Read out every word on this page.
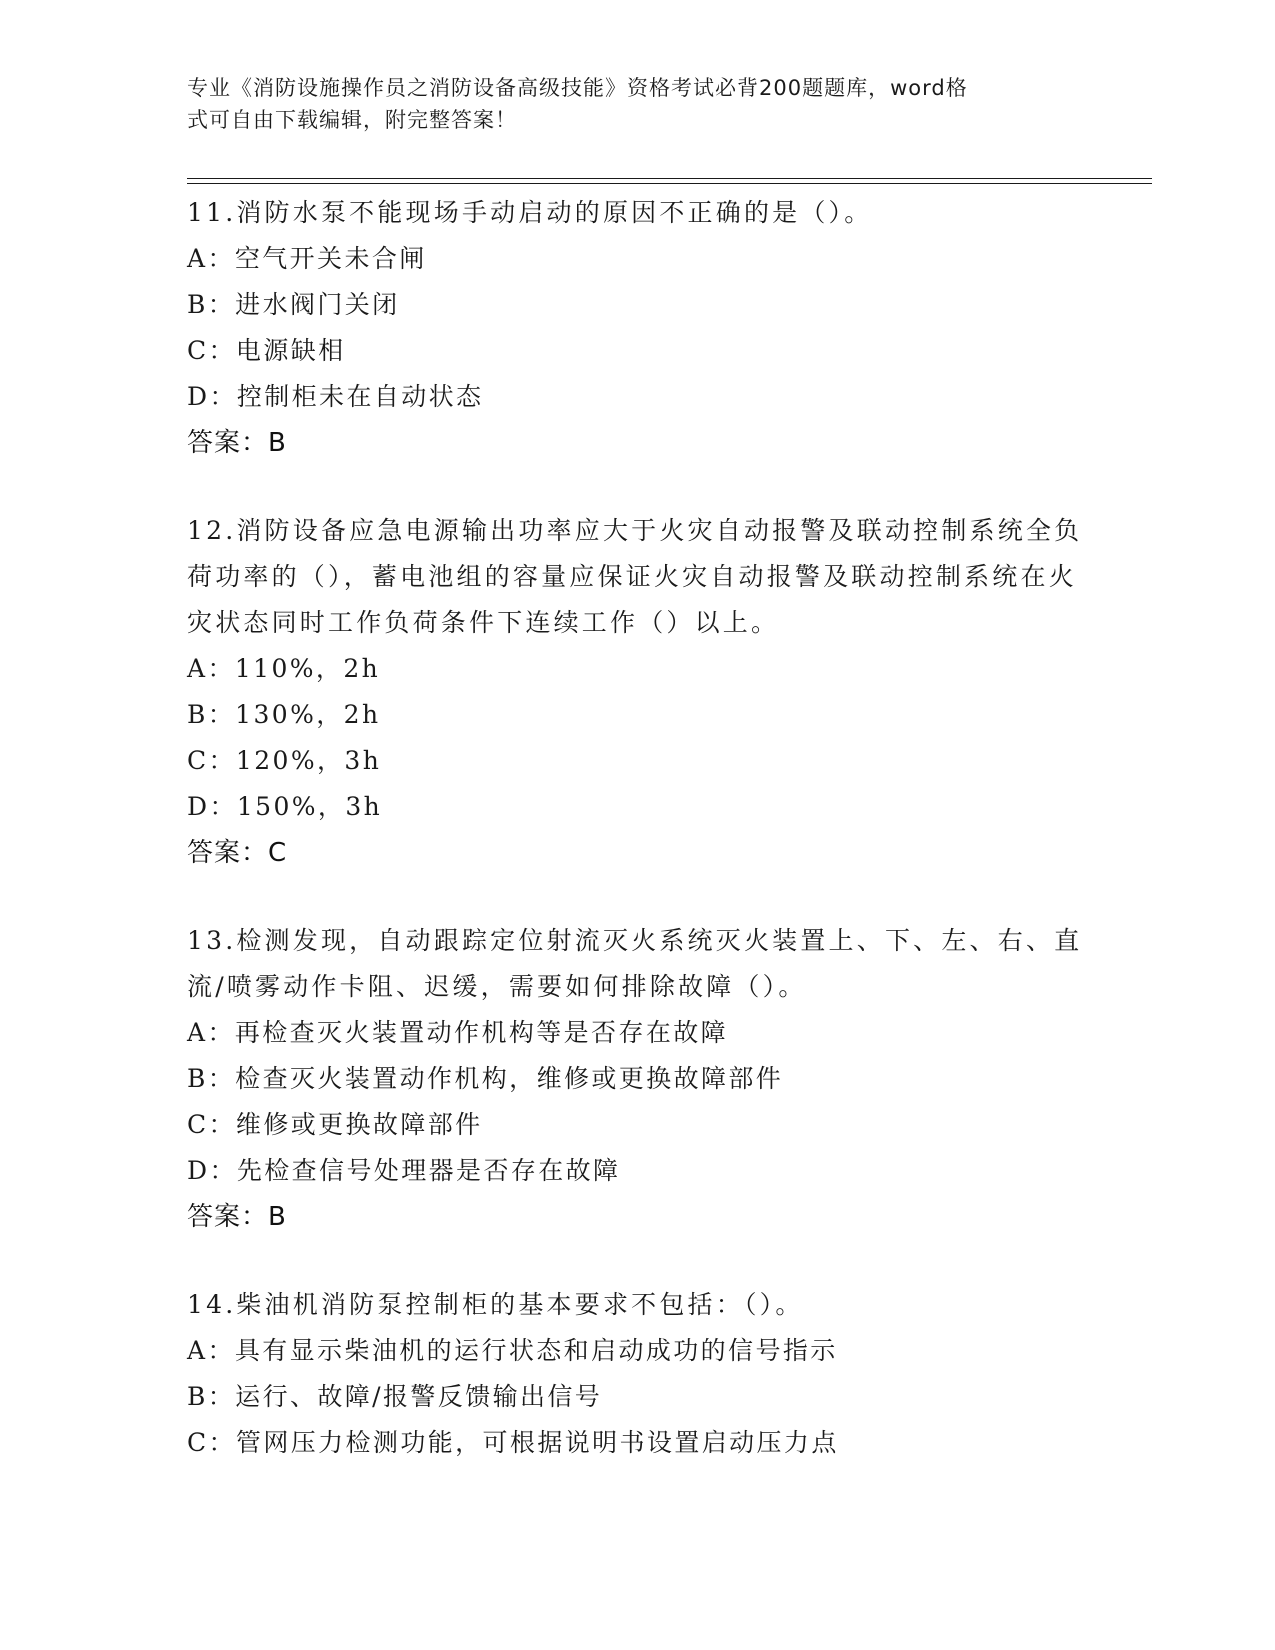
专业《消防设施操作员之消防设备高级技能》资格考试必背200题题库，word格
式可自由下载编辑，附完整答案！

11.消防水泵不能现场手动启动的原因不正确的是（）。

A：空气开关未合闸

B：进水阀门关闭

C：电源缺相

D：控制柜未在自动状态

答案：B

12.消防设备应急电源输出功率应大于火灾自动报警及联动控制系统全负荷功率的（），蓄电池组的容量应保证火灾自动报警及联动控制系统在火灾状态同时工作负荷条件下连续工作（）以上。

A：110%，2h

B：130%，2h

C：120%，3h

D：150%，3h

答案：C

13.检测发现，自动跟踪定位射流灭火系统灭火装置上、下、左、右、直流/喷雾动作卡阻、迟缓，需要如何排除故障（）。

A：再检查灭火装置动作机构等是否存在故障

B：检查灭火装置动作机构，维修或更换故障部件

C：维修或更换故障部件

D：先检查信号处理器是否存在故障

答案：B

14.柴油机消防泵控制柜的基本要求不包括：（）。

A：具有显示柴油机的运行状态和启动成功的信号指示

B：运行、故障/报警反馈输出信号

C：管网压力检测功能，可根据说明书设置启动压力点
